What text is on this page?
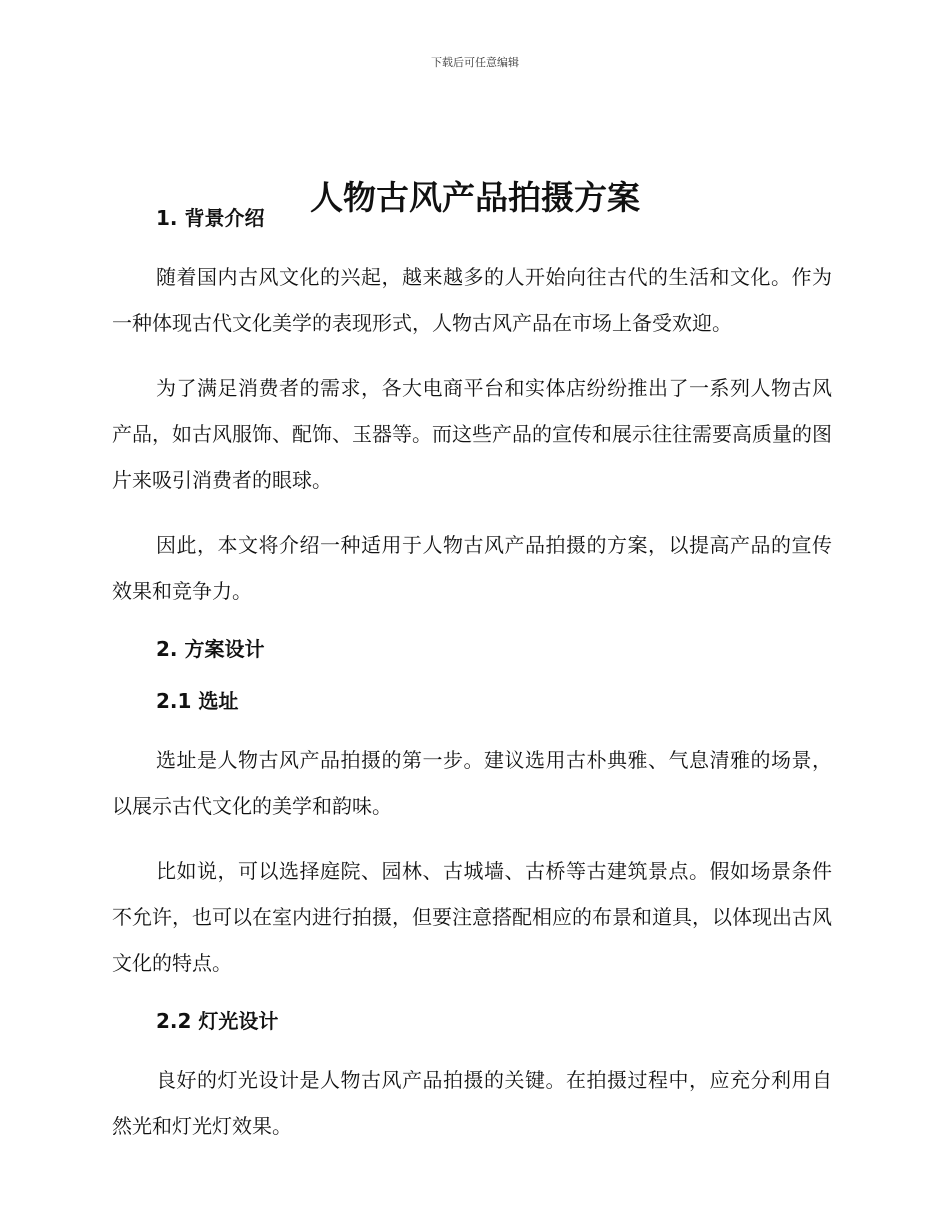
下载后可任意编辑
人物古风产品拍摄方案
1. 背景介绍

随着国内古风文化的兴起，越来越多的人开始向往古代的生活和文化。作为一种体现古代文化美学的表现形式，人物古风产品在市场上备受欢迎。

为了满足消费者的需求，各大电商平台和实体店纷纷推出了一系列人物古风产品，如古风服饰、配饰、玉器等。而这些产品的宣传和展示往往需要高质量的图片来吸引消费者的眼球。

因此，本文将介绍一种适用于人物古风产品拍摄的方案，以提高产品的宣传效果和竞争力。

2. 方案设计
2.1 选址

选址是人物古风产品拍摄的第一步。建议选用古朴典雅、气息清雅的场景，以展示古代文化的美学和韵味。

比如说，可以选择庭院、园林、古城墙、古桥等古建筑景点。假如场景条件不允许，也可以在室内进行拍摄，但要注意搭配相应的布景和道具，以体现出古风文化的特点。

2.2 灯光设计

良好的灯光设计是人物古风产品拍摄的关键。在拍摄过程中，应充分利用自然光和灯光灯效果。
